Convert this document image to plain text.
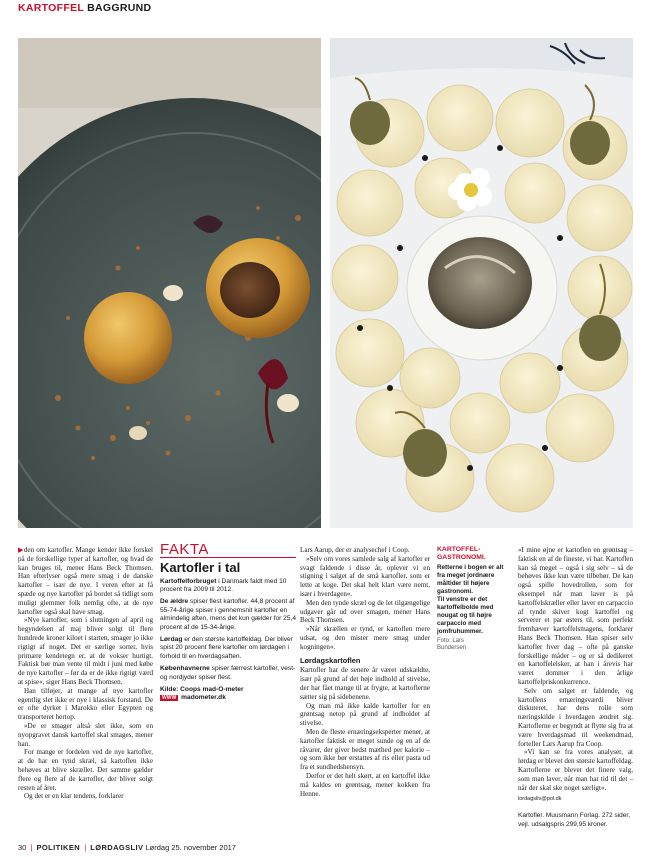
KARTOFFEL BAGGRUND

▶den om kartofler. Mange kender ikke forskel på de forskellige typer af kartofler, og hvad de kan bruges til, mener Hans Beck Thomsen. Han efterlyser også mere smag i de danske kartofler – især de nye. I veren efter at få spæde og nye kartofler på bordet så tidligt som muligt glemmer folk nemlig ofte, at de nye kartofler også skal have smag.

»Nye kartofler, som i slutningen af april og begyndelsen af maj bliver solgt til flere hundrede kroner kiloet i starten, smager jo ikke rigtigt af noget. Det er særlige sorter, hvis primære kendetegn er, at de vokser hurtigt. Faktisk bør man vente til midt i juni med købe de nye kartofler – før da er de ikke rigtigt værd at spise«, siger Hans Beck Thomsen.

Han tilføjer, at mange af nye kartofler egentlig slet ikke er nye i klassisk forstand. De er ofte dyrket i Marokko eller Egypten og transporteret hertop.

»De er smager altså slet ikke, som en nyopgravet dansk kartoffel skal smages, mener han.

For mange er fordelen ved de nye kartofler, at de har en tynd skræl, så kartoflen ikke behøves at blive skrællet. Det samme gælder flere og flere af de kartofler, der bliver solgt resten af året.

Og det er en klar tendens, forklarer

FAKTA
Kartofler i tal

Kartoffelforbruget i Danmark faldt med 10 procent fra 2009 til 2012.

De ældre spiser flest kartofler. 44,8 procent af 55-74-årige spiser i gennemsnit kartofler en almindelig aften, mens det kun gælder for 25,4 procent af de 15-34-årige.

Lørdag er den største kartoffeldag. Der bliver spist 20 procent flere kartofler om lørdagen i forhold til en hverdagsaften.

Københavnerne spiser færrest kartofler, vest- og nordjyder spiser flest.

Kilde: Coops mad-O-meter
WWW madometer.dk

Lars Aarup, der er analysechef i Coop.

»Selv om vores samlede salg af kartofler er svagt faldende i disse år, oplever vi en stigning i salget af de små kartofler, som er lette at koge. Det skal helt klart være nemt, især i hverdagen«.

Men den tynde skræl og de let tilgængelige udgaver går ud over smagen, mener Hans Beck Thomsen.

»Når skrællen er tynd, er kartoflen mere udsat, og den mister mere smag under kogningen«.

Lørdagskartoflen

Kartofler har de senere år været udskældte, især på grund af det høje indhold af stivelse, der har fået mange til at frygte, at kartoflerne sætter sig på sidebenene.

Og man må ikke kalde kartofler for en grøntsag netop på grund af indholdet af stivelse.

Men de fleste ernæringseksperter mener, at kartofler faktisk er meget sunde og en af de råvarer, der giver bedst mæthed per kalorie – og som ikke bør erstattes af ris eller pasta ud fra et sundhedshensyn.

Derfor er det helt skørt, at en kartoffel ikke må kaldes en grøntsag, mener kokken fra Henne.

KARTOFFEL-
GASTRONOMI.

Retterne i bogen er alt fra meget jordnære måltider til højere gastronomi.

Til venstre er det kartoffelbolde med nougat og til højre carpaccio med jomfruhummer.

Foto: Lars
Bundersen

»I mine øjne er kartoflen en grøntsag – faktisk en af de fineste, vi har. Kartoflen kan så meget – også i sig selv – så de behøves ikke kun være tilbehør. De kan også spille hovedrollen, som for eksempel når man laver is på kartoffelskræller eller laver en carpaccio af tynde skiver kogt kartoffel og serverer et par østers til, som perfekt fremhæver kartoffelsmagens, forklarer Hans Beck Thomsen. Han spiser selv kartofler hver dag – ofte på ganske forskellige måder – og er så dedikeret en kartoffelelsker, at han i årevis har været dommer i den årlige kartoffelpriskonkurrence.

Selv om salget er faldende, og kartoflens ernæringsværdi bliver diskuteret, har dens rolle som næringskilde i hverdagen ændret sig. Kartoflerne er begyndt at flytte sig fra at være hverdagsmad til weekendmad, forteller Lars Aarup fra Coop.

»Vi kan se fra vores analyser, at lørdag er blevet den største kartoffeldag. Kartoflerne er blevet det finere valg, som man laver, når man har tid til det – når der skal ske noget særligt«.

lordagsliv@pol.dk
Kartofler. Muusmann Forlag. 272 sider, vejl. udsalgspris 299,95 kroner.
30 | POLITIKEN | LØRDAGSLIV Lørdag 25. november 2017
